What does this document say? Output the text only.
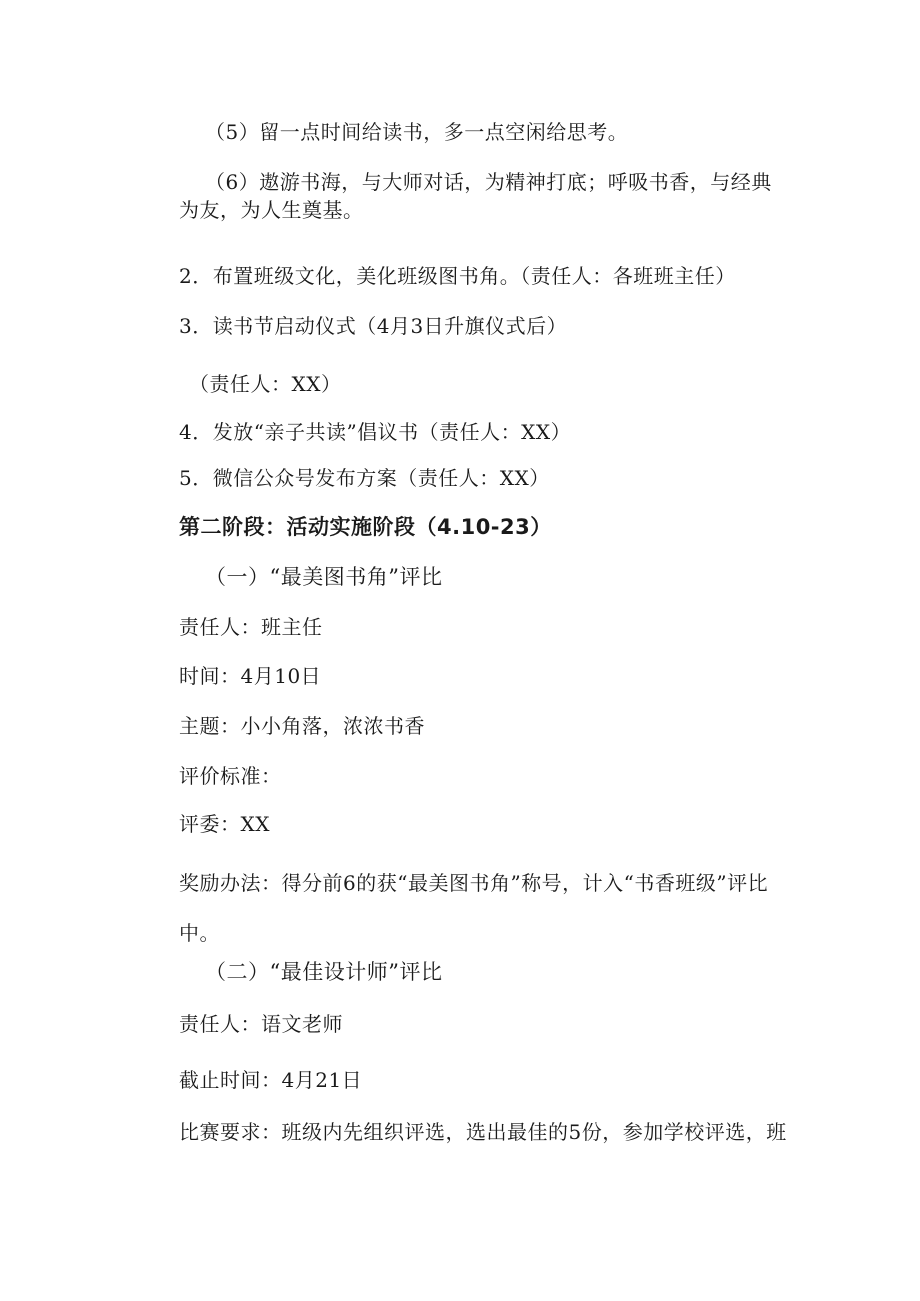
（5）留一点时间给读书，多一点空闲给思考。
（6）遨游书海，与大师对话，为精神打底；呼吸书香，与经典为友，为人生奠基。
2．布置班级文化，美化班级图书角。（责任人：各班班主任）
3．读书节启动仪式（4月3日升旗仪式后）
（责任人：XX）
4．发放“亲子共读”倡议书（责任人：XX）
5．微信公众号发布方案（责任人：XX）
第二阶段：活动实施阶段（4.10-23）
（一）“最美图书角”评比
责任人：班主任
时间：4月10日
主题：小小角落，浓浓书香
评价标准：
评委：XX
奖励办法：得分前6的获“最美图书角”称号，计入“书香班级”评比中。
（二）“最佳设计师”评比
责任人：语文老师
截止时间：4月21日
比赛要求：班级内先组织评选，选出最佳的5份，参加学校评选，班
